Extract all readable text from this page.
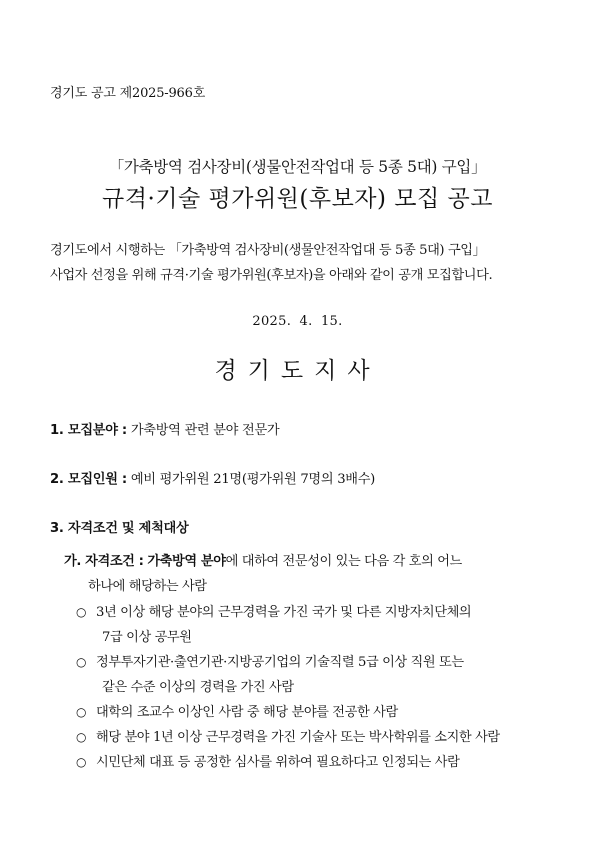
경기도 공고 제2025-966호
「가축방역 검사장비(생물안전작업대 등 5종 5대) 구입」
규격·기술 평가위원(후보자) 모집 공고
경기도에서 시행하는 「가축방역 검사장비(생물안전작업대 등 5종 5대) 구입」
사업자 선정을 위해 규격·기술 평가위원(후보자)을 아래와 같이 공개 모집합니다.
2025. 4. 15.
경기도지사
1. 모집분야 : 가축방역 관련 분야 전문가
2. 모집인원 : 예비 평가위원 21명(평가위원 7명의 3배수)
3. 자격조건 및 제척대상
가. 자격조건 : 가축방역 분야에 대하여 전문성이 있는 다음 각 호의 어느
하나에 해당하는 사람
○ 3년 이상 해당 분야의 근무경력을 가진 국가 및 다른 지방자치단체의
7급 이상 공무원
○ 정부투자기관·출연기관·지방공기업의 기술직렬 5급 이상 직원 또는
같은 수준 이상의 경력을 가진 사람
○ 대학의 조교수 이상인 사람 중 해당 분야를 전공한 사람
○ 해당 분야 1년 이상 근무경력을 가진 기술사 또는 박사학위를 소지한 사람
○ 시민단체 대표 등 공정한 심사를 위하여 필요하다고 인정되는 사람
